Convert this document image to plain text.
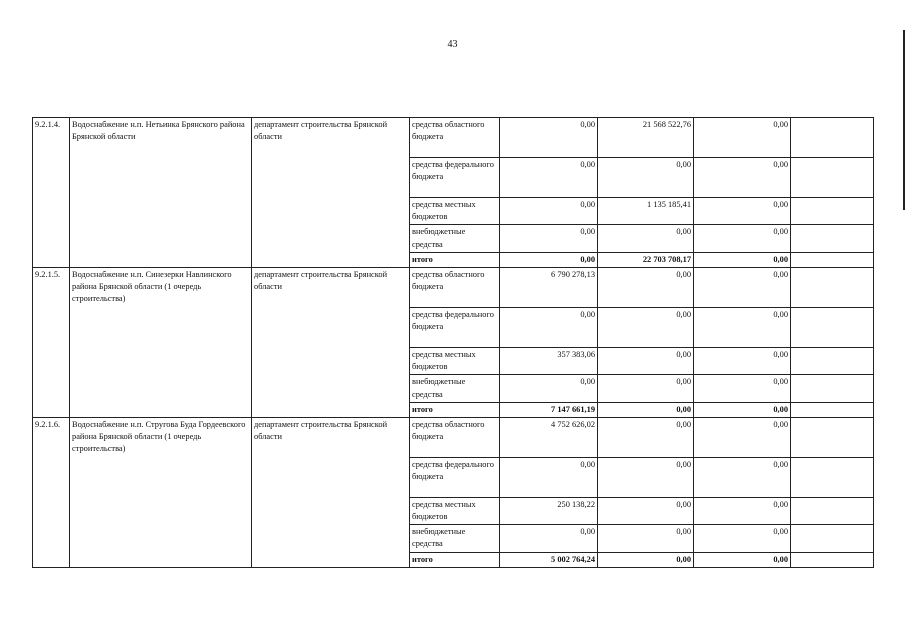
43
9.2.1.4.	Водоснабжение н.п. Нетьинка Брянского района Брянской области	департамент строительства Брянской области	средства областного бюджета	0,00	21 568 522,76	0,00	
			средства федерального бюджета	0,00	0,00	0,00	
			средства местных бюджетов	0,00	1 135 185,41	0,00	
			внебюджетные средства	0,00	0,00	0,00	
			итого	0,00	22 703 708,17	0,00	
9.2.1.5.	Водоснабжение н.п. Синезерки Навлинского района Брянской области (1 очередь строительства)	департамент строительства Брянской области	средства областного бюджета	6 790 278,13	0,00	0,00	
			средства федерального бюджета	0,00	0,00	0,00	
			средства местных бюджетов	357 383,06	0,00	0,00	
			внебюджетные средства	0,00	0,00	0,00	
			итого	7 147 661,19	0,00	0,00	
9.2.1.6.	Водоснабжение н.п. Стругова Буда Гордеевского района Брянской области (1 очередь строительства)	департамент строительства Брянской области	средства областного бюджета	4 752 626,02	0,00	0,00	
			средства федерального бюджета	0,00	0,00	0,00	
			средства местных бюджетов	250 138,22	0,00	0,00	
			внебюджетные средства	0,00	0,00	0,00	
			итого	5 002 764,24	0,00	0,00	
